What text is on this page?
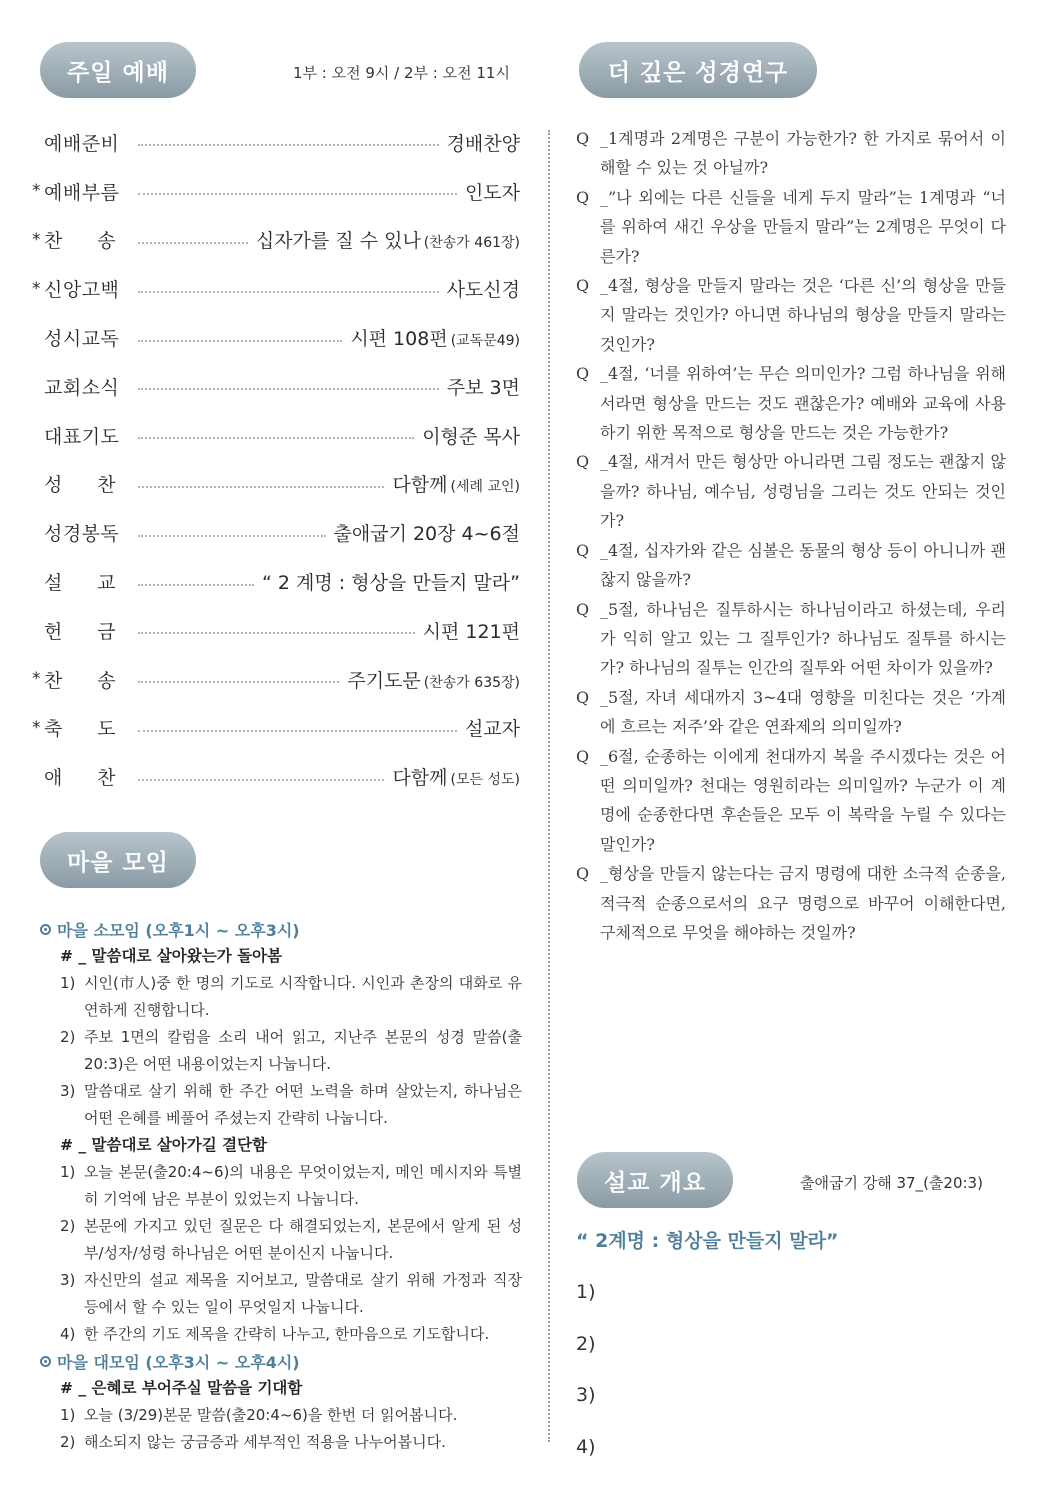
주일 예배	1부 : 오전 9시 / 2부 : 오전 11시	더 깊은 성경연구
예배준비	경배찬양
* 예배부름	인도자
* 찬 송	십자가를 질 수 있나 (찬송가 461장)
* 신앙고백	사도신경
성시교독	시편 108편 (교독문49)
교회소식	주보 3면
대표기도	이형준 목사
성 찬	다함께 (세례 교인)
성경봉독	출애굽기 20장 4~6절
설 교	“ 2 계명 : 형상을 만들지 말라”
헌 금	시편 121편
* 찬 송	주기도문 (찬송가 635장)
* 축 도	설교자
애 찬	다함께 (모든 성도)
마을 모임
마을 소모임 (오후1시 ~ 오후3시)
# _ 말씀대로 살아왔는가 돌아봄
1) 시인(市人)중 한 명의 기도로 시작합니다. 시인과 촌장의 대화로 유연하게 진행합니다.
2) 주보 1면의 칼럼을 소리 내어 읽고, 지난주 본문의 성경 말씀(출20:3)은 어떤 내용이었는지 나눕니다.
3) 말씀대로 살기 위해 한 주간 어떤 노력을 하며 살았는지, 하나님은 어떤 은혜를 베풀어 주셨는지 간략히 나눕니다.
# _ 말씀대로 살아가길 결단함
1) 오늘 본문(출20:4~6)의 내용은 무엇이었는지, 메인 메시지와 특별히 기억에 남은 부분이 있었는지 나눕니다.
2) 본문에 가지고 있던 질문은 다 해결되었는지, 본문에서 알게 된 성부/성자/성령 하나님은 어떤 분이신지 나눕니다.
3) 자신만의 설교 제목을 지어보고, 말씀대로 살기 위해 가정과 직장 등에서 할 수 있는 일이 무엇일지 나눕니다.
4) 한 주간의 기도 제목을 간략히 나누고, 한마음으로 기도합니다.
마을 대모임 (오후3시 ~ 오후4시)
# _ 은혜로 부어주실 말씀을 기대함
1) 오늘 (3/29)본문 말씀(출20:4~6)을 한번 더 읽어봅니다.
2) 해소되지 않는 궁금증과 세부적인 적용을 나누어봅니다.
Q _1계명과 2계명은 구분이 가능한가? 한 가지로 묶어서 이해할 수 있는 것 아닐까?
Q _”나 외에는 다른 신들을 네게 두지 말라”는 1계명과 “너를 위하여 새긴 우상을 만들지 말라”는 2계명은 무엇이 다른가?
Q _4절, 형상을 만들지 말라는 것은 ‘다른 신’의 형상을 만들지 말라는 것인가? 아니면 하나님의 형상을 만들지 말라는 것인가?
Q _4절, ‘너를 위하여’는 무슨 의미인가? 그럼 하나님을 위해서라면 형상을 만드는 것도 괜찮은가? 예배와 교육에 사용하기 위한 목적으로 형상을 만드는 것은 가능한가?
Q _4절, 새겨서 만든 형상만 아니라면 그림 정도는 괜찮지 않을까? 하나님, 예수님, 성령님을 그리는 것도 안되는 것인가?
Q _4절, 십자가와 같은 심볼은 동물의 형상 등이 아니니까 괜찮지 않을까?
Q _5절, 하나님은 질투하시는 하나님이라고 하셨는데, 우리가 익히 알고 있는 그 질투인가? 하나님도 질투를 하시는가? 하나님의 질투는 인간의 질투와 어떤 차이가 있을까?
Q _5절, 자녀 세대까지 3~4대 영향을 미친다는 것은 ‘가계에 흐르는 저주’와 같은 연좌제의 의미일까?
Q _6절, 순종하는 이에게 천대까지 복을 주시겠다는 것은 어떤 의미일까? 천대는 영원히라는 의미일까? 누군가 이 계명에 순종한다면 후손들은 모두 이 복락을 누릴 수 있다는 말인가?
Q _형상을 만들지 않는다는 금지 명령에 대한 소극적 순종을, 적극적 순종으로서의 요구 명령으로 바꾸어 이해한다면, 구체적으로 무엇을 해야하는 것일까?
설교 개요	출애굽기 강해 37_(출20:3)
“ 2계명 : 형상을 만들지 말라”
1)
2)
3)
4)
